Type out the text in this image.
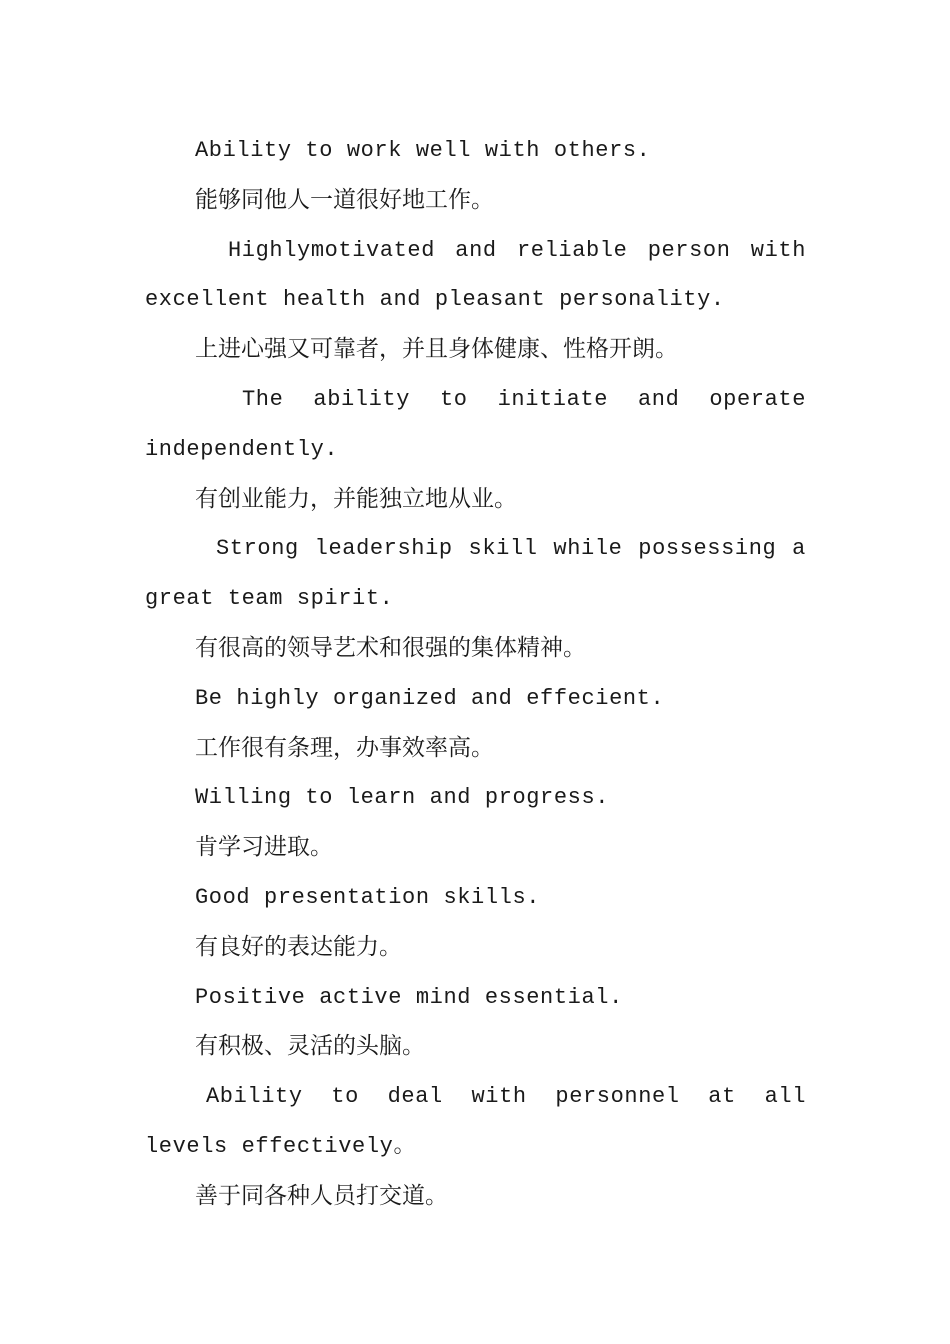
Ability to work well with others.

能够同他人一道很好地工作。

Highlymotivated and reliable person with excellent health and pleasant personality.

上进心强又可靠者，并且身体健康、性格开朗。

The ability to initiate and operate independently.

有创业能力，并能独立地从业。

Strong leadership skill while possessing a great team spirit.

有很高的领导艺术和很强的集体精神。

Be highly organized and effecient.

工作很有条理，办事效率高。

Willing to learn and progress.

肯学习进取。

Good presentation skills.

有良好的表达能力。

Positive active mind essential.

有积极、灵活的头脑。

Ability to deal with personnel at all levels effectively。

善于同各种人员打交道。
